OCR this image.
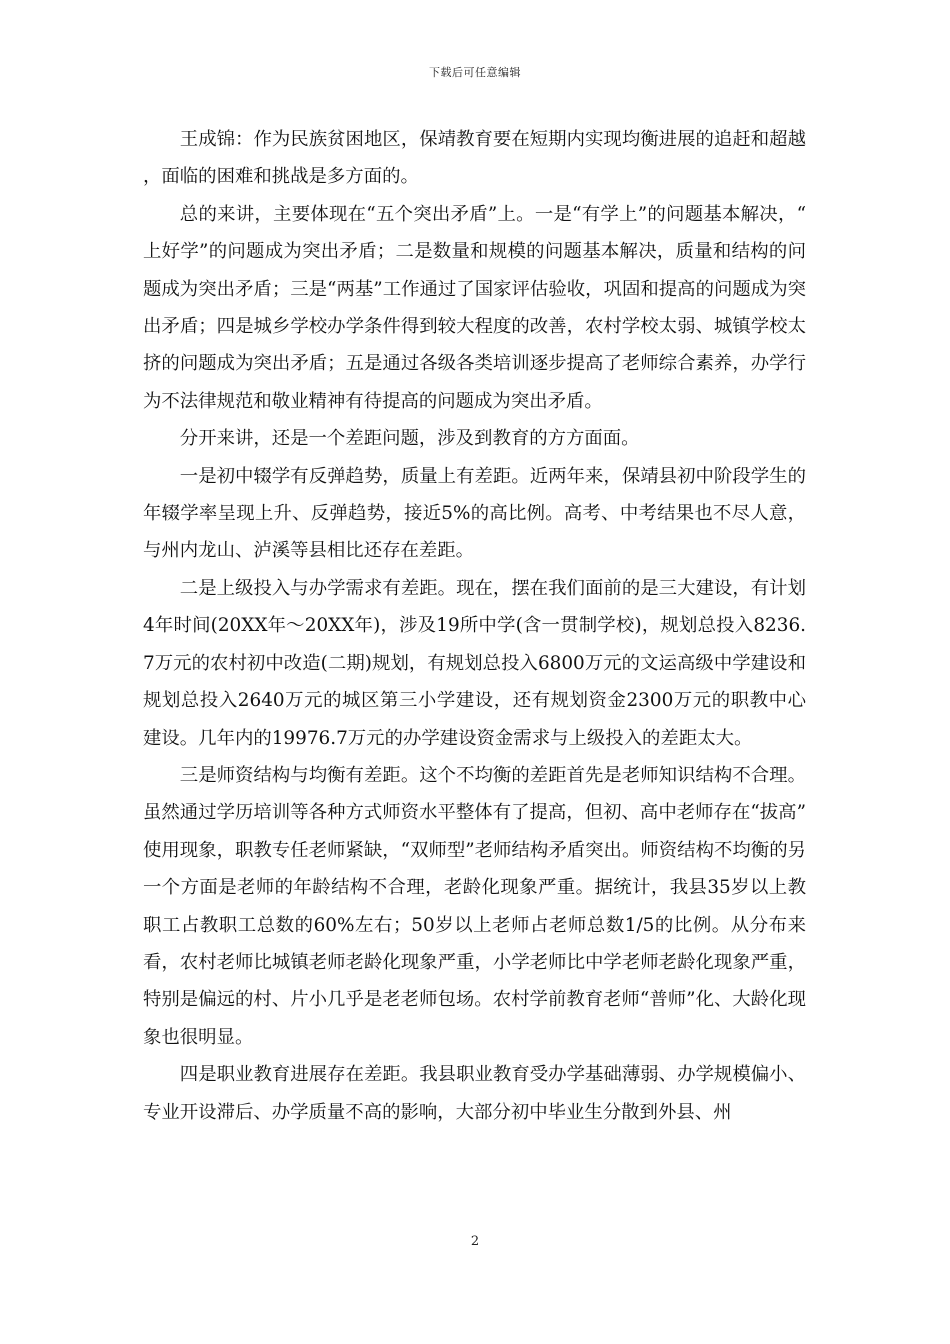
下载后可任意编辑

王成锦：作为民族贫困地区，保靖教育要在短期内实现均衡进展的追赶和超越，面临的困难和挑战是多方面的。

总的来讲，主要体现在“五个突出矛盾”上。一是“有学上”的问题基本解决，“上好学”的问题成为突出矛盾；二是数量和规模的问题基本解决，质量和结构的问题成为突出矛盾；三是“两基”工作通过了国家评估验收，巩固和提高的问题成为突出矛盾；四是城乡学校办学条件得到较大程度的改善，农村学校太弱、城镇学校太挤的问题成为突出矛盾；五是通过各级各类培训逐步提高了老师综合素养，办学行为不法律规范和敬业精神有待提高的问题成为突出矛盾。

分开来讲，还是一个差距问题，涉及到教育的方方面面。

一是初中辍学有反弹趋势，质量上有差距。近两年来，保靖县初中阶段学生的年辍学率呈现上升、反弹趋势，接近5%的高比例。高考、中考结果也不尽人意，与州内龙山、泸溪等县相比还存在差距。

二是上级投入与办学需求有差距。现在，摆在我们面前的是三大建设，有计划4年时间(20XX年～20XX年)，涉及19所中学(含一贯制学校)，规划总投入8236.7万元的农村初中改造(二期)规划，有规划总投入6800万元的文运高级中学建设和规划总投入2640万元的城区第三小学建设，还有规划资金2300万元的职教中心建设。几年内的19976.7万元的办学建设资金需求与上级投入的差距太大。

三是师资结构与均衡有差距。这个不均衡的差距首先是老师知识结构不合理。虽然通过学历培训等各种方式师资水平整体有了提高，但初、高中老师存在“拔高”使用现象，职教专任老师紧缺，“双师型”老师结构矛盾突出。师资结构不均衡的另一个方面是老师的年龄结构不合理，老龄化现象严重。据统计，我县35岁以上教职工占教职工总数的60%左右；50岁以上老师占老师总数1/5的比例。从分布来看，农村老师比城镇老师老龄化现象严重，小学老师比中学老师老龄化现象严重，特别是偏远的村、片小几乎是老老师包场。农村学前教育老师“普师”化、大龄化现象也很明显。

四是职业教育进展存在差距。我县职业教育受办学基础薄弱、办学规模偏小、专业开设滞后、办学质量不高的影响，大部分初中毕业生分散到外县、州

2
